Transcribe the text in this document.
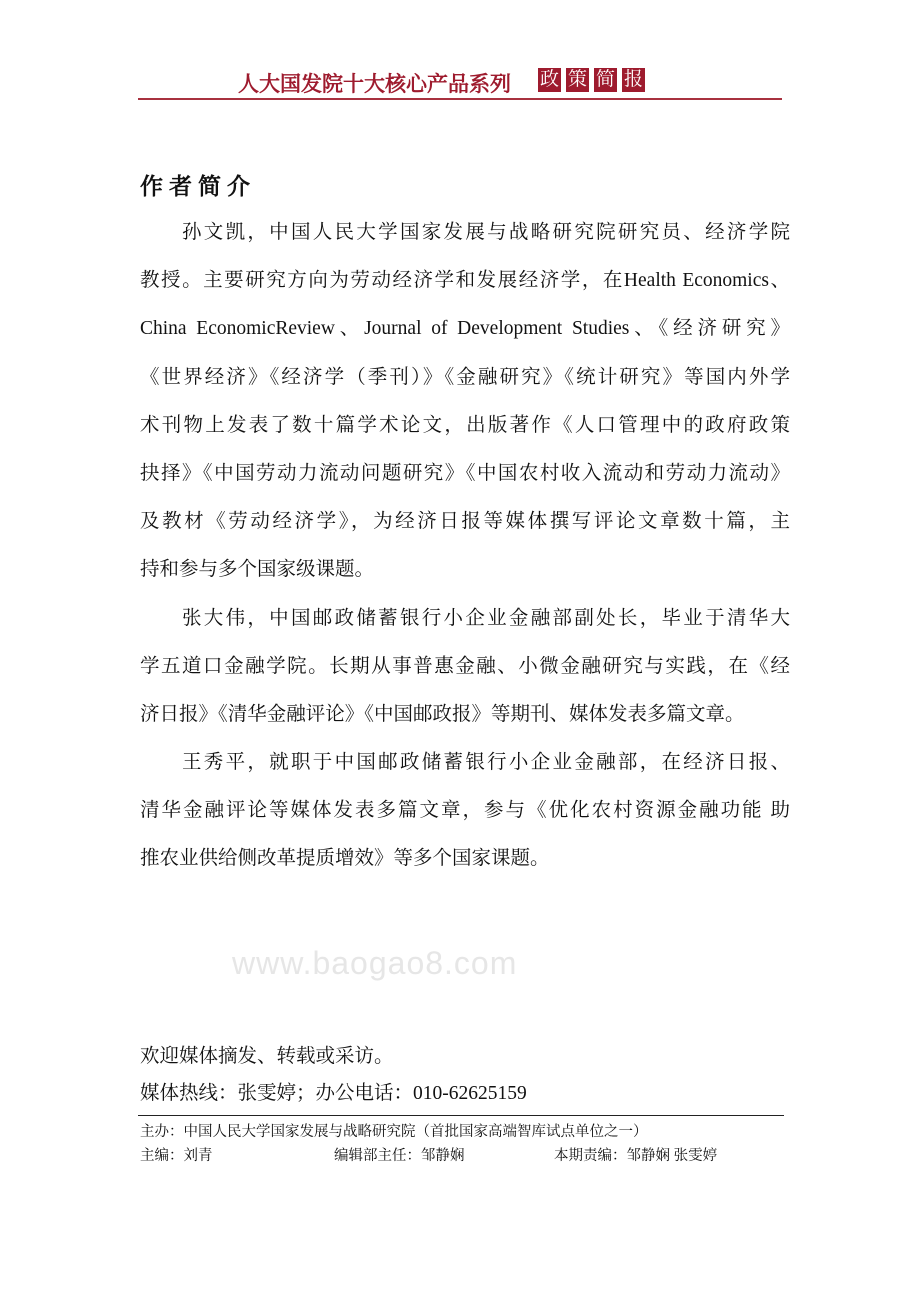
人大国发院十大核心产品系列 政 策 简 报
作者简介
孙文凯，中国人民大学国家发展与战略研究院研究员、经济学院
教授。主要研究方向为劳动经济学和发展经济学，在Health Economics、
China EconomicReview、Journal of Development Studies、《经济研究》
《世界经济》《经济学（季刊）》《金融研究》《统计研究》等国内外学
术刊物上发表了数十篇学术论文，出版著作《人口管理中的政府政策
抉择》《中国劳动力流动问题研究》《中国农村收入流动和劳动力流动》
及教材《劳动经济学》，为经济日报等媒体撰写评论文章数十篇，主
持和参与多个国家级课题。
张大伟，中国邮政储蓄银行小企业金融部副处长，毕业于清华大
学五道口金融学院。长期从事普惠金融、小微金融研究与实践，在《经
济日报》《清华金融评论》《中国邮政报》等期刊、媒体发表多篇文章。
王秀平，就职于中国邮政储蓄银行小企业金融部，在经济日报、
清华金融评论等媒体发表多篇文章，参与《优化农村资源金融功能 助
推农业供给侧改革提质增效》等多个国家课题。
www.baogao8.com
欢迎媒体摘发、转载或采访。
媒体热线：张雯婷；办公电话：010-62625159
主办：中国人民大学国家发展与战略研究院（首批国家高端智库试点单位之一）
主编：刘青	编辑部主任：邹静娴	本期责编：邹静娴 张雯婷
